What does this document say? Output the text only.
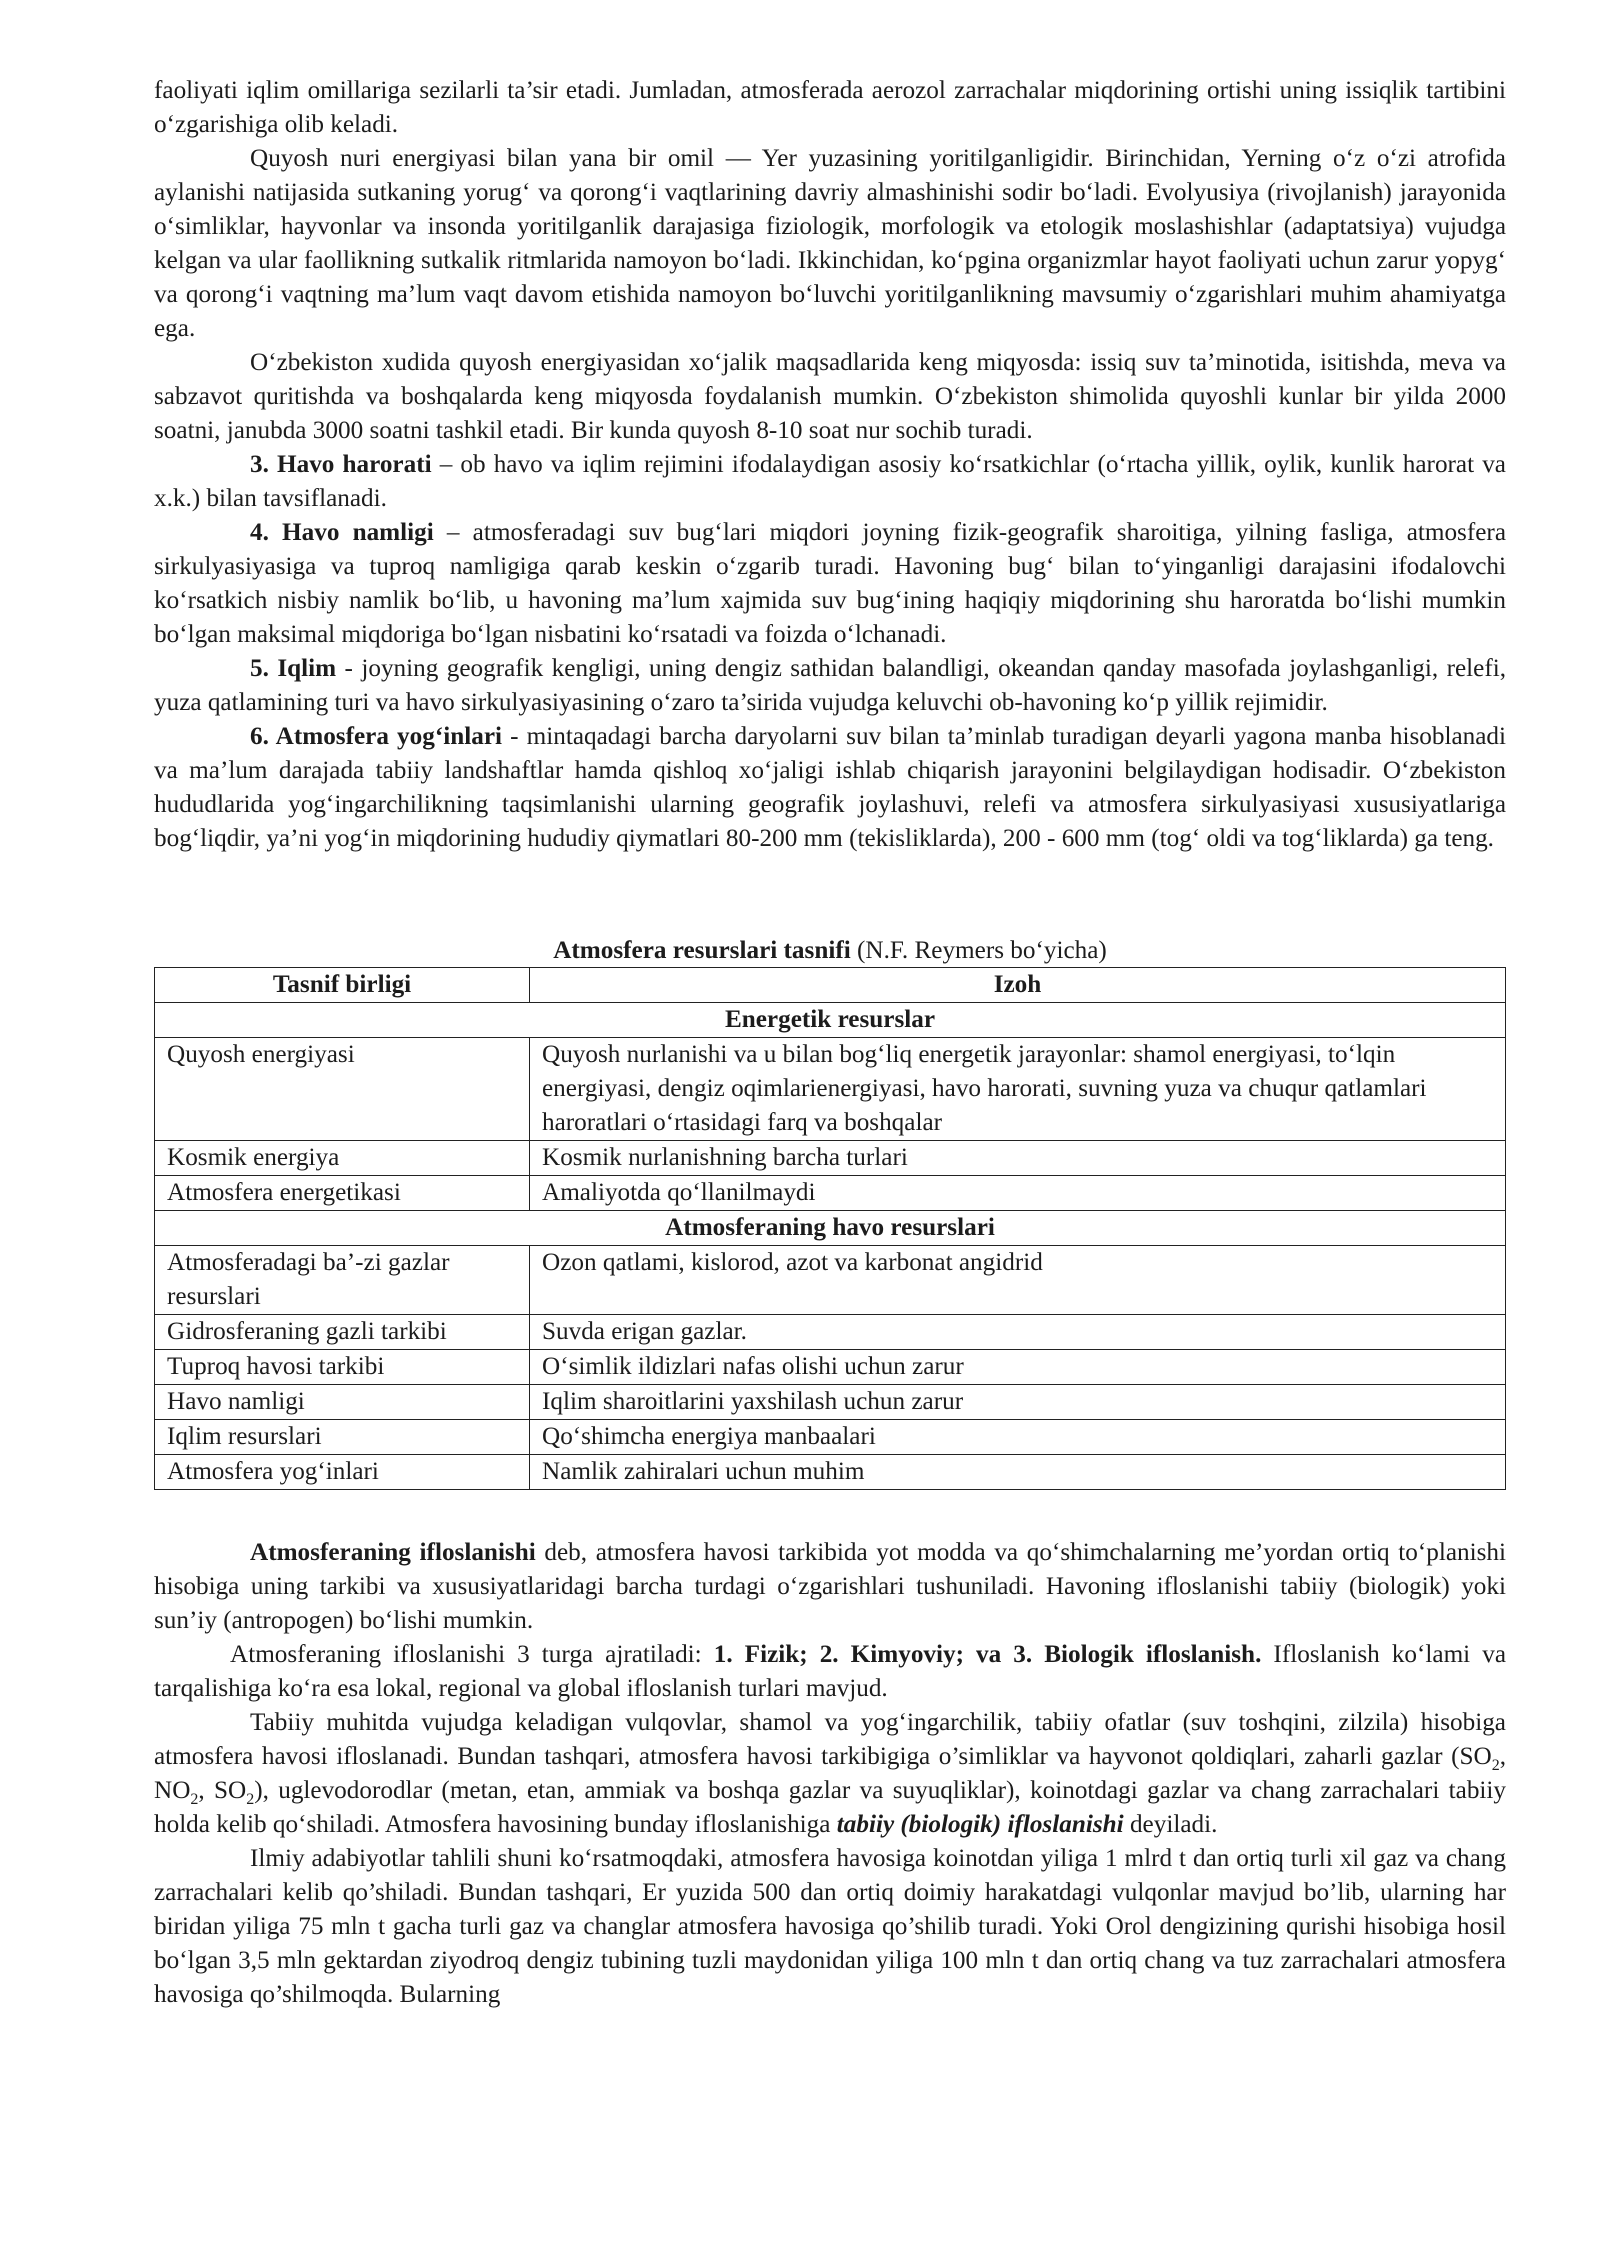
faoliyati iqlim omillariga sezilarli ta’sir etadi. Jumladan, atmosferada aerozol zarrachalar miqdorining ortishi uning issiqlik tartibini o‘zgarishiga olib keladi.

Quyosh nuri energiyasi bilan yana bir omil — Yer yuzasining yoritilganligidir. Birinchidan, Yerning o‘z o‘zi atrofida aylanishi natijasida sutkaning yorug‘ va qorong‘i vaqtlarining davriy almashinishi sodir bo‘ladi. Evolyusiya (rivojlanish) jarayonida o‘simliklar, hayvonlar va insonda yoritilganlik darajasiga fiziologik, morfologik va etologik moslashishlar (adaptatsiya) vujudga kelgan va ular faollikning sutkalik ritmlarida namoyon bo‘ladi. Ikkinchidan, ko‘pgina organizmlar hayot faoliyati uchun zarur yopyg‘ va qorong‘i vaqtning ma’lum vaqt davom etishida namoyon bo‘luvchi yoritilganlikning mavsumiy o‘zgarishlari muhim ahamiyatga ega.

O‘zbekiston xudida quyosh energiyasidan xo‘jalik maqsadlarida keng miqyosda: issiq suv ta’minotida, isitishda, meva va sabzavot quritishda va boshqalarda keng miqyosda foydalanish mumkin. O‘zbekiston shimolida quyoshli kunlar bir yilda 2000 soatni, janubda 3000 soatni tashkil etadi. Bir kunda quyosh 8-10 soat nur sochib turadi.

3. Havo harorati – ob havo va iqlim rejimini ifodalaydigan asosiy ko‘rsatkichlar (o‘rtacha yillik, oylik, kunlik harorat va x.k.) bilan tavsiflanadi.

4. Havo namligi – atmosferadagi suv bug‘lari miqdori joyning fizik-geografik sharoitiga, yilning fasliga, atmosfera sirkulyasiyasiga va tuproq namligiga qarab keskin o‘zgarib turadi. Havoning bug‘ bilan to‘yinganligi darajasini ifodalovchi ko‘rsatkich nisbiy namlik bo‘lib, u havoning ma’lum xajmida suv bug‘ining haqiqiy miqdorining shu haroratda bo‘lishi mumkin bo‘lgan maksimal miqdoriga bo‘lgan nisbatini ko‘rsatadi va foizda o‘lchanadi.

5. Iqlim - joyning geografik kengligi, uning dengiz sathidan balandligi, okeandan qanday masofada joylashganligi, relefi, yuza qatlamining turi va havo sirkulyasiyasining o‘zaro ta’sirida vujudga keluvchi ob-havoning ko‘p yillik rejimidir.

6. Atmosfera yog‘inlari - mintaqadagi barcha daryolarni suv bilan ta’minlab turadigan deyarli yagona manba hisoblanadi va ma’lum darajada tabiiy landshaftlar hamda qishloq xo‘jaligi ishlab chiqarish jarayonini belgilaydigan hodisadir. O‘zbekiston hududlarida yog‘ingarchilikning taqsimlanishi ularning geografik joylashuvi, relefi va atmosfera sirkulyasiyasi xususiyatlariga bog‘liqdir, ya’ni yog‘in miqdorining hududiy qiymatlari 80-200 mm (tekisliklarda), 200 - 600 mm (tog‘ oldi va tog‘liklarda) ga teng.

Atmosfera resurslari tasnifi (N.F. Reymers bo‘yicha)
Tasnif birligi	Izoh
Energetik resurslar	
Quyosh energiyasi	Quyosh nurlanishi va u bilan bog‘liq energetik jarayonlar: shamol energiyasi, to‘lqin energiyasi, dengiz oqimlarienergiyasi, havo harorati, suvning yuza va chuqur qatlamlari haroratlari o‘rtasidagi farq va boshqalar
Kosmik energiya	Kosmik nurlanishning barcha turlari
Atmosfera energetikasi	Amaliyotda qo‘llanilmaydi
Atmosferaning havo resurslari	
Atmosferadagi ba’-zi gazlar resurslari	Ozon qatlami, kislorod, azot va karbonat angidrid
Gidrosferaning gazli tarkibi	Suvda erigan gazlar.
Tuproq havosi tarkibi	O‘simlik ildizlari nafas olishi uchun zarur
Havo namligi	Iqlim sharoitlarini yaxshilash uchun zarur
Iqlim resurslari	Qo‘shimcha energiya manbaalari
Atmosfera yog‘inlari	Namlik zahiralari uchun muhim

Atmosferaning ifloslanishi deb, atmosfera havosi tarkibida yot modda va qo‘shimchalarning me’yordan ortiq to‘planishi hisobiga uning tarkibi va xususiyatlaridagi barcha turdagi o‘zgarishlari tushuniladi. Havoning ifloslanishi tabiiy (biologik) yoki sun’iy (antropogen) bo‘lishi mumkin.

Atmosferaning ifloslanishi 3 turga ajratiladi: 1. Fizik; 2. Kimyoviy; va 3. Biologik ifloslanish. Ifloslanish ko‘lami va tarqalishiga ko‘ra esa lokal, regional va global ifloslanish turlari mavjud.

Tabiiy muhitda vujudga keladigan vulqovlar, shamol va yog‘ingarchilik, tabiiy ofatlar (suv toshqini, zilzila) hisobiga atmosfera havosi ifloslanadi. Bundan tashqari, atmosfera havosi tarkibigiga o’simliklar va hayvonot qoldiqlari, zaharli gazlar ($SO_2$, $NO_2$, $SO_2$), uglevodorodlar (metan, etan, ammiak va boshqa gazlar va suyuqliklar), koinotdagi gazlar va chang zarrachalari tabiiy holda kelib qo‘shiladi. Atmosfera havosining bunday ifloslanishiga tabiiy (biologik) ifloslanishi deyiladi.

Ilmiy adabiyotlar tahlili shuni ko‘rsatmoqdaki, atmosfera havosiga koinotdan yiliga 1 mlrd t dan ortiq turli xil gaz va chang zarrachalari kelib qo’shiladi. Bundan tashqari, Er yuzida 500 dan ortiq doimiy harakatdagi vulqonlar mavjud bo’lib, ularning har biridan yiliga 75 mln t gacha turli gaz va changlar atmosfera havosiga qo’shilib turadi. Yoki Orol dengizining qurishi hisobiga hosil bo‘lgan 3,5 mln gektardan ziyodroq dengiz tubining tuzli maydonidan yiliga 100 mln t dan ortiq chang va tuz zarrachalari atmosfera havosiga qo’shilmoqda. Bularning
